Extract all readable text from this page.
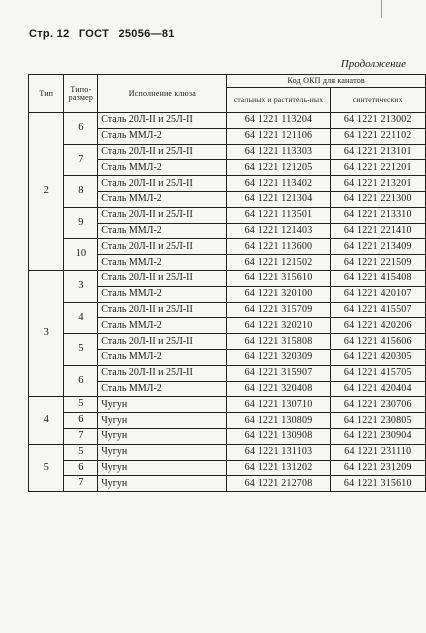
Стр. 12 ГОСТ 25056—81
Продолжение
Тип	Типо-размер	Исполнение клюза	Код ОКП для канатов	
			стальных и раститель-ных	синтетических
2	6	Сталь 20Л-II и 25Л-II	64 1221 113204	64 1221 213002
		Сталь ММЛ-2	64 1221 121106	64 1221 221102
	7	Сталь 20Л-II и 25Л-II	64 1221 113303	64 1221 213101
		Сталь ММЛ-2	64 1221 121205	64 1221 221201
	8	Сталь 20Л-II и 25Л-II	64 1221 113402	64 1221 213201
		Сталь ММЛ-2	64 1221 121304	64 1221 221300
	9	Сталь 20Л-II и 25Л-II	64 1221 113501	64 1221 213310
		Сталь ММЛ-2	64 1221 121403	64 1221 221410
	10	Сталь 20Л-II и 25Л-II	64 1221 113600	64 1221 213409
		Сталь ММЛ-2	64 1221 121502	64 1221 221509
3	3	Сталь 20Л-II и 25Л-II	64 1221 315610	64 1221 415408
		Сталь ММЛ-2	64 1221 320100	64 1221 420107
	4	Сталь 20Л-II и 25Л-II	64 1221 315709	64 1221 415507
		Сталь ММЛ-2	64 1221 320210	64 1221 420206
	5	Сталь 20Л-II и 25Л-II	64 1221 315808	64 1221 415606
		Сталь ММЛ-2	64 1221 320309	64 1221 420305
	6	Сталь 20Л-II и 25Л-II	64 1221 315907	64 1221 415705
		Сталь ММЛ-2	64 1221 320408	64 1221 420404
4	5	Чугун	64 1221 130710	64 1221 230706
	6	Чугун	64 1221 130809	64 1221 230805
	7	Чугун	64 1221 130908	64 1221 230904
5	5	Чугун	64 1221 131103	64 1221 231110
	6	Чугун	64 1221 131202	64 1221 231209
	7	Чугун	64 1221 212708	64 1221 315610
